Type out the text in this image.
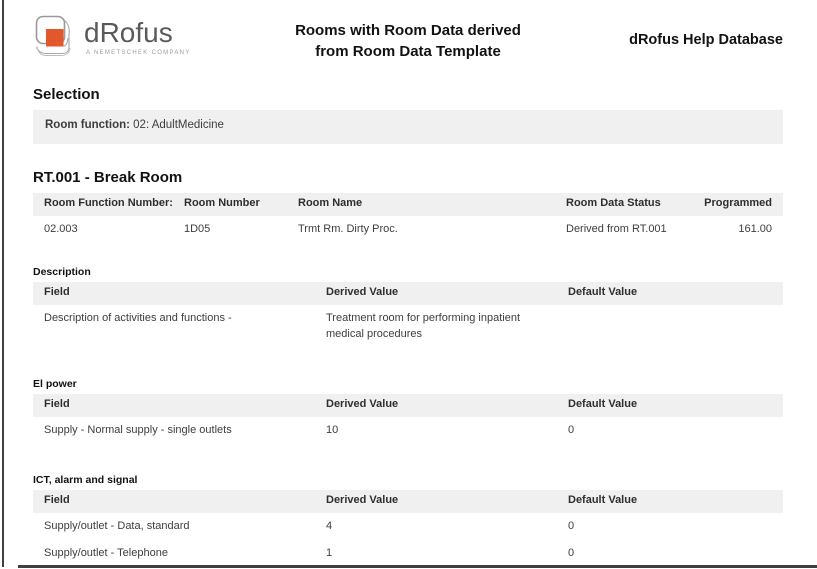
dRofus
A NEMETSCHEK COMPANY
Rooms with Room Data derived
from Room Data Template
dRofus Help Database
Selection
Room function: 02: AdultMedicine
RT.001 - Break Room
Room Function Number:	Room Number	Room Name	Room Data Status	Programmed
02.003	1D05	Trmt Rm. Dirty Proc.	Derived from RT.001	161.00
Description
Field	Derived Value	Default Value
Description of activities and functions -	Treatment room for performing inpatient medical procedures
El power
Field	Derived Value	Default Value
Supply - Normal supply - single outlets	10	0
ICT, alarm and signal
Field	Derived Value	Default Value
Supply/outlet - Data, standard	4	0
Supply/outlet - Telephone	1	0
